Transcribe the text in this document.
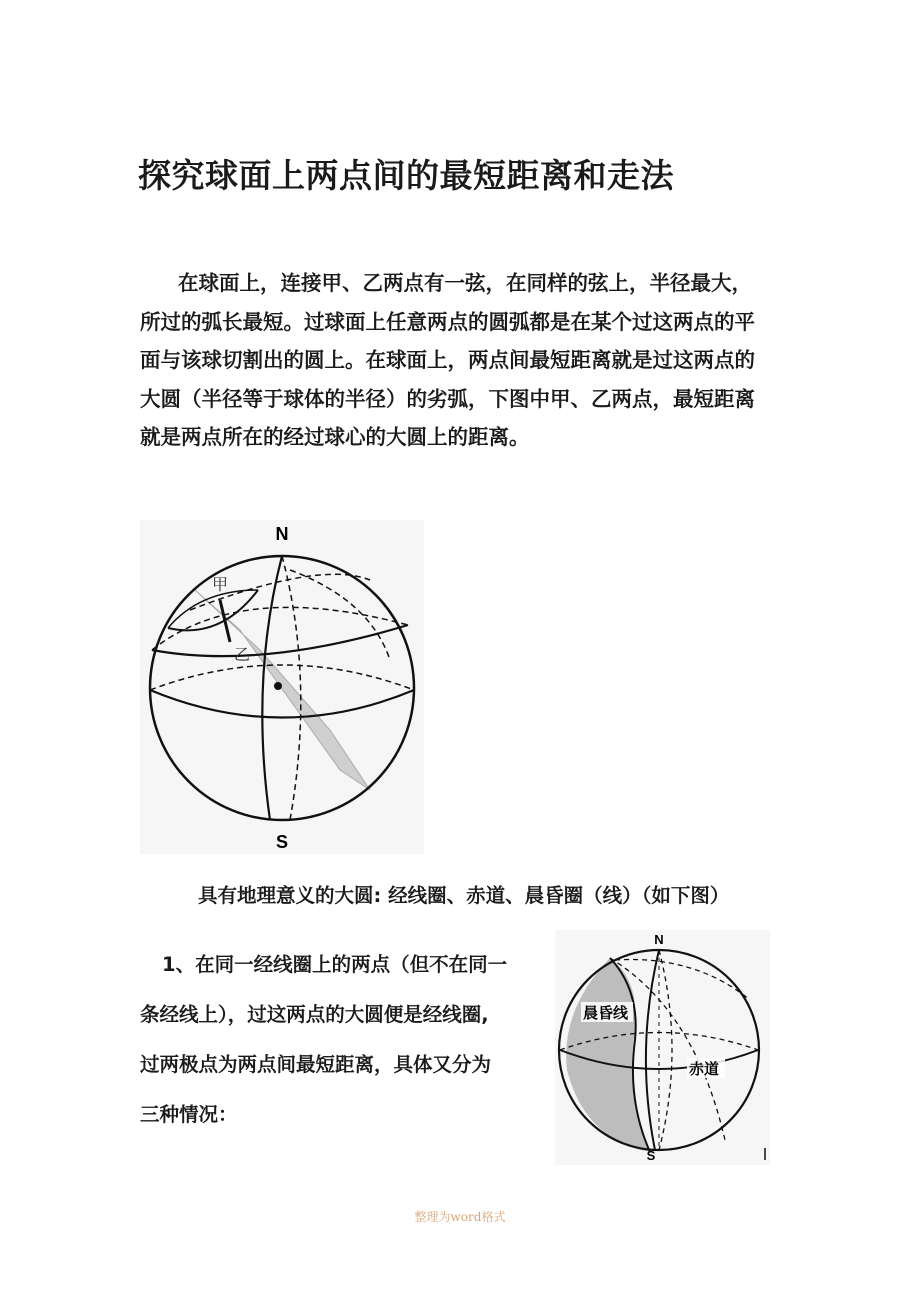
探究球面上两点间的最短距离和走法
在球面上，连接甲、乙两点有一弦，在同样的弦上，半径最大，
所过的弧长最短。过球面上任意两点的圆弧都是在某个过这两点的平
面与该球切割出的圆上。在球面上，两点间最短距离就是过这两点的
大圆（半径等于球体的半径）的劣弧，下图中甲、乙两点，最短距离
就是两点所在的经过球心的大圆上的距离。
N
S
甲
乙
具有地理意义的大圆: 经线圈、赤道、晨昏圈（线）（如下图）
1、在同一经线圈上的两点（但不在同一
条经线上），过这两点的大圆便是经线圈,
过两极点为两点间最短距离，具体又分为
三种情况：
N
S
晨昏线
赤道
整理为word格式
